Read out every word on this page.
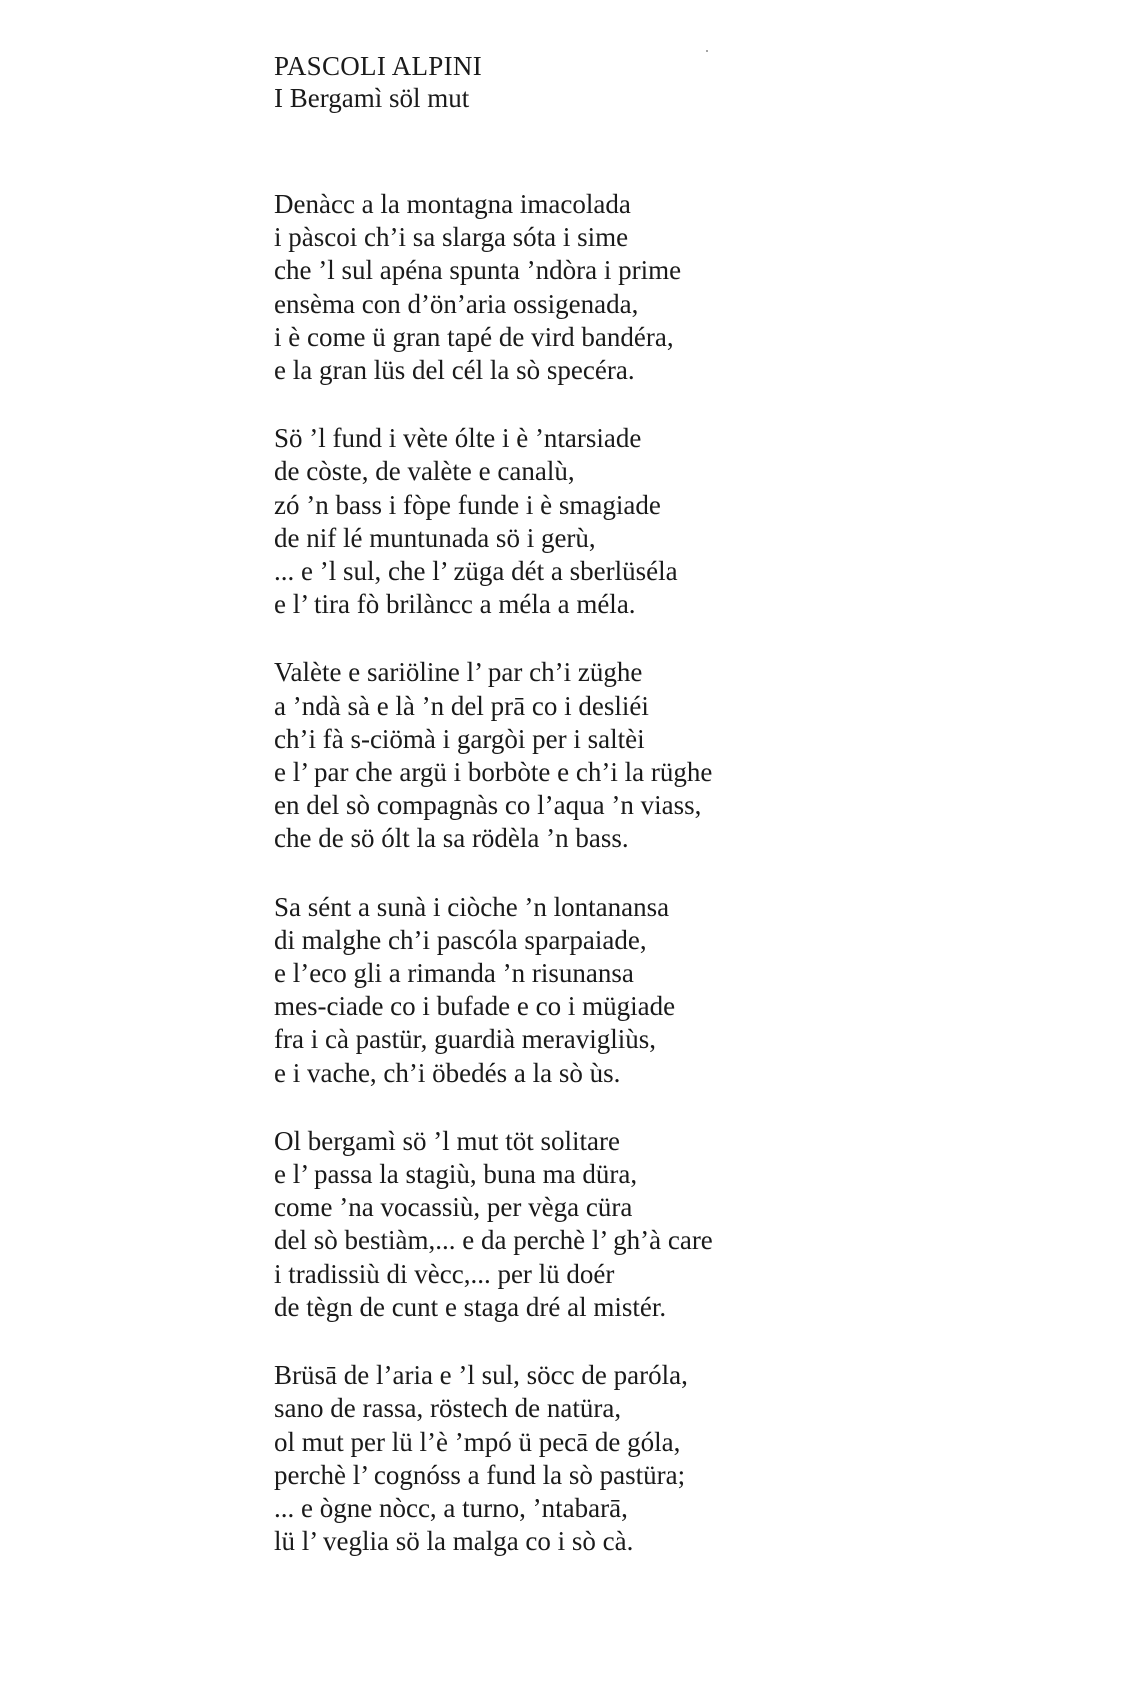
PASCOLI ALPINI
I Bergamì söl mut
Denàcc a la montagna imacolada
i pàscoi ch’i sa slarga sóta i sime
che ’l sul apéna spunta ’ndòra i prime
ensèma con d’ön’aria ossigenada,
i è come ü gran tapé de vird bandéra,
e la gran lüs del cél la sò specéra.
Sö ’l fund i vète ólte i è ’ntarsiade
de còste, de valète e canalù,
zó ’n bass i fòpe funde i è smagiade
de nif lé muntunada sö i gerù,
... e ’l sul, che l’ züga dét a sberlüséla
e l’ tira fò brilàncc a méla a méla.
Valète e sariöline l’ par ch’i züghe
a ’ndà sà e là ’n del prā co i desliéi
ch’i fà s-ciömà i gargòi per i saltèi
e l’ par che argü i borbòte e ch’i la rüghe
en del sò compagnàs co l’aqua ’n viass,
che de sö ólt la sa rödèla ’n bass.
Sa sént a sunà i ciòche ’n lontanansa
di malghe ch’i pascóla sparpaiade,
e l’eco gli a rimanda ’n risunansa
mes-ciade co i bufade e co i mügiade
fra i cà pastür, guardià meravigliùs,
e i vache, ch’i öbedés a la sò ùs.
Ol bergamì sö ’l mut töt solitare
e l’ passa la stagiù, buna ma düra,
come ’na vocassiù, per vèga cüra
del sò bestiàm,... e da perchè l’ gh’à care
i tradissiù di vècc,... per lü doér
de tègn de cunt e staga dré al mistér.
Brüsā de l’aria e ’l sul, söcc de paróla,
sano de rassa, röstech de natüra,
ol mut per lü l’è ’mpó ü pecā de góla,
perchè l’ cognóss a fund la sò pastüra;
... e ògne nòcc, a turno, ’ntabarā,
lü l’ veglia sö la malga co i sò cà.
